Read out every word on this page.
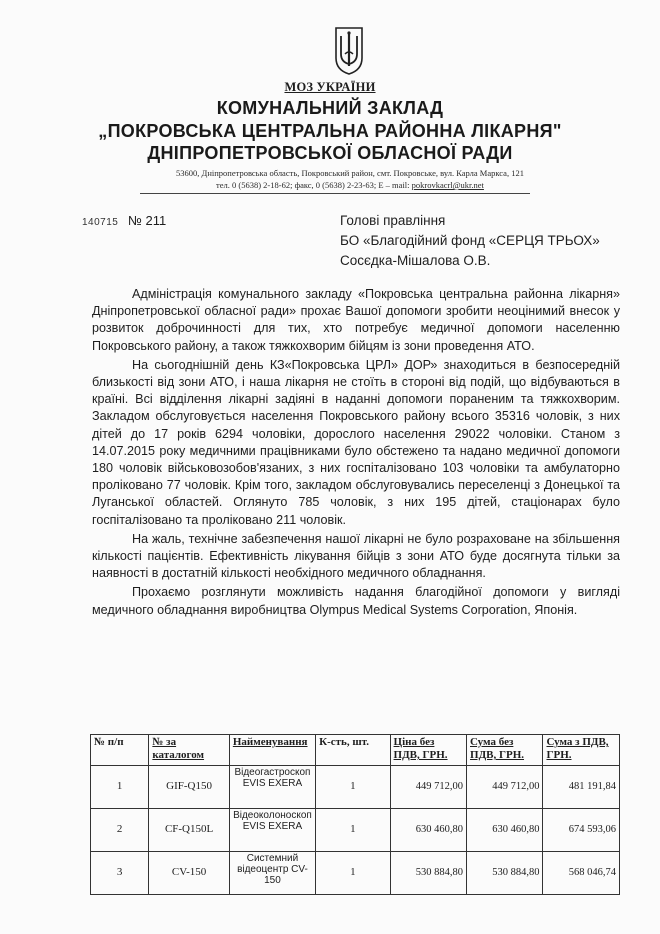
МОЗ УКРАЇНИ
КОМУНАЛЬНИЙ ЗАКЛАД
„ПОКРОВСЬКА ЦЕНТРАЛЬНА РАЙОННА ЛІКАРНЯ"
ДНІПРОПЕТРОВСЬКОЇ ОБЛАСНОЇ РАДИ
53600, Дніпропетровська область, Покровський район, смт. Покровське, вул. Карла Маркса, 121
тел. 0 (5638) 2-18-62; факс, 0 (5638) 2-23-63; E – mail: pokrovkacrl@ukr.net
140715 № 211	Голові правління
БО «Благодійний фонд «СЕРЦЯ ТРЬОХ»
Сосєдка-Мішалова О.В.

Адміністрація комунального закладу «Покровська центральна районна лікарня» Дніпропетровської обласної ради» прохає Вашої допомоги зробити неоцінимий внесок у розвиток доброчинності для тих, хто потребує медичної допомоги населенню Покровського району, а також тяжкохворим бійцям із зони проведення АТО.

На сьогоднішній день КЗ«Покровська ЦРЛ» ДОР» знаходиться в безпосередній близькості від зони АТО, і наша лікарня не стоїть в стороні від подій, що відбуваються в країні. Всі відділення лікарні задіяні в наданні допомоги пораненим та тяжкохворим. Закладом обслуговується населення Покровського району всього 35316 чоловік, з них дітей до 17 років 6294 чоловіки, дорослого населення 29022 чоловіки. Станом з 14.07.2015 року медичними працівниками було обстежено та надано медичної допомоги 180 чоловік військовозобов'язаних, з них госпіталізовано 103 чоловіки та амбулаторно проліковано 77 чоловік. Крім того, закладом обслуговувались переселенці з Донецької та Луганської областей. Оглянуто 785 чоловік, з них 195 дітей, стаціонарах було госпіталізовано та проліковано 211 чоловік.

На жаль, технічне забезпечення нашої лікарні не було розраховане на збільшення кількості пацієнтів. Ефективність лікування бійців з зони АТО буде досягнута тільки за наявності в достатній кількості необхідного медичного обладнання.

Прохаємо розглянути можливість надання благодійної допомоги у вигляді медичного обладнання виробництва Olympus Medical Systems Corporation, Японія.

№ п/п	№ за каталогом	Найменування	К-сть, шт.	Ціна без ПДВ, ГРН.	Сума без ПДВ, ГРН.	Сума з ПДВ, ГРН.
1	GIF-Q150	Відеогастроскоп EVIS EXERA	1	449 712,00	449 712,00	481 191,84
2	CF-Q150L	Відеоколоноскоп EVIS EXERA	1	630 460,80	630 460,80	674 593,06
3	CV-150	Системний відеоцентр CV-150	1	530 884,80	530 884,80	568 046,74
